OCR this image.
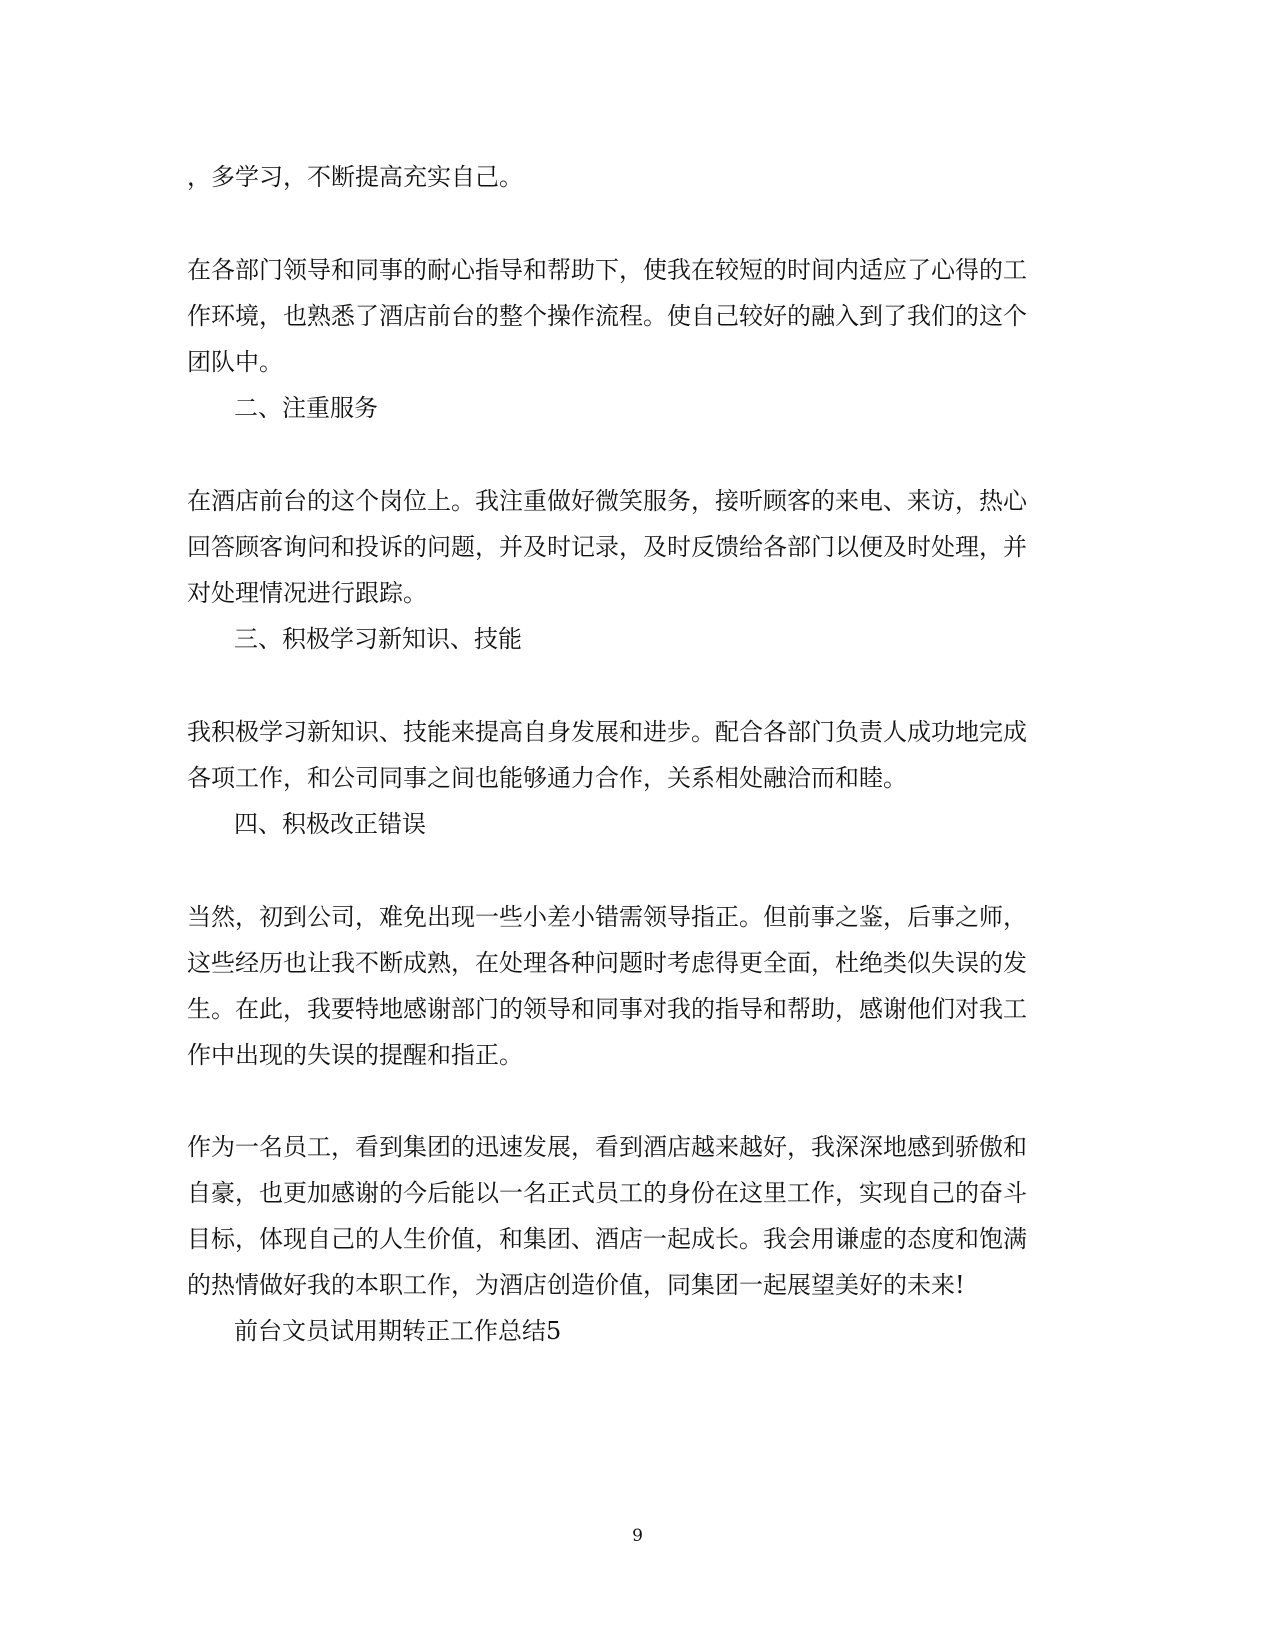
，多学习，不断提高充实自己。
在各部门领导和同事的耐心指导和帮助下，使我在较短的时间内适应了心得的工
作环境，也熟悉了酒店前台的整个操作流程。使自己较好的融入到了我们的这个
团队中。
二、注重服务
在酒店前台的这个岗位上。我注重做好微笑服务，接听顾客的来电、来访，热心
回答顾客询问和投诉的问题，并及时记录，及时反馈给各部门以便及时处理，并
对处理情况进行跟踪。
三、积极学习新知识、技能
我积极学习新知识、技能来提高自身发展和进步。配合各部门负责人成功地完成
各项工作，和公司同事之间也能够通力合作，关系相处融洽而和睦。
四、积极改正错误
当然，初到公司，难免出现一些小差小错需领导指正。但前事之鉴，后事之师，
这些经历也让我不断成熟，在处理各种问题时考虑得更全面，杜绝类似失误的发
生。在此，我要特地感谢部门的领导和同事对我的指导和帮助，感谢他们对我工
作中出现的失误的提醒和指正。
作为一名员工，看到集团的迅速发展，看到酒店越来越好，我深深地感到骄傲和
自豪，也更加感谢的今后能以一名正式员工的身份在这里工作，实现自己的奋斗
目标，体现自己的人生价值，和集团、酒店一起成长。我会用谦虚的态度和饱满
的热情做好我的本职工作，为酒店创造价值，同集团一起展望美好的未来!
前台文员试用期转正工作总结5
9
